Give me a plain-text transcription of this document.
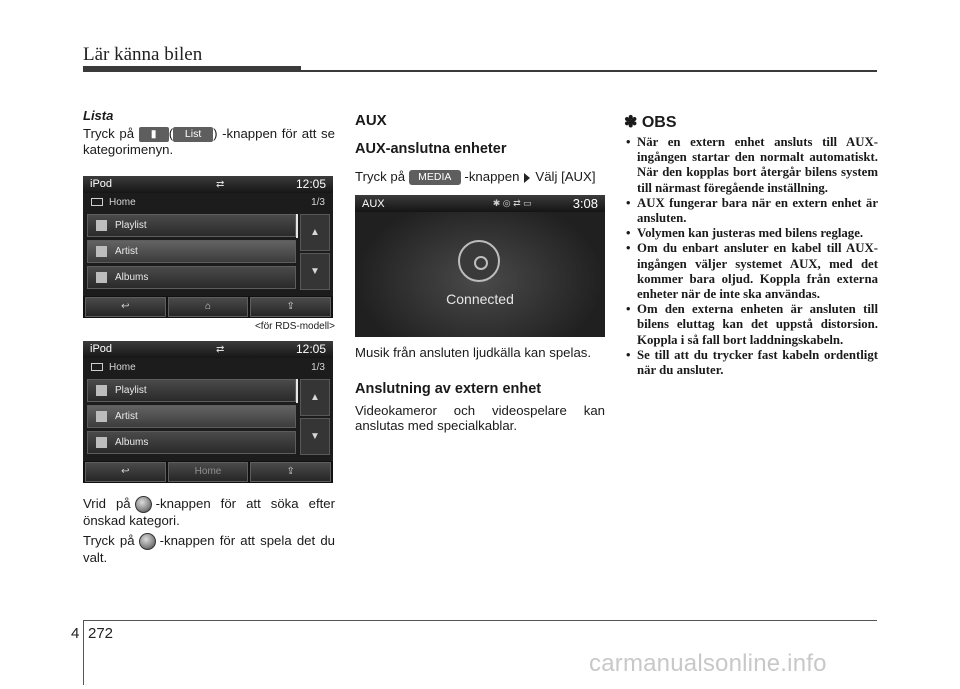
Lär känna bilen
Lista
Tryck på ▮ ( List ) -knappen för att se kategorimenyn.
iPod	⇄	12:05
Home	1/3
Playlist
Artist
Albums
▲
▼
↩	⌂	⇪
<för RDS-modell>
iPod	⇄	12:05
Home	1/3
Playlist
Artist
Albums
▲
▼
↩	Home	⇪
Vrid på -knappen för att söka efter önskad kategori.
Tryck på -knappen för att spela det du valt.
AUX
AUX-anslutna enheter
Tryck på MEDIA -knappen Välj [AUX]
AUX	✱ ◎ ⇄ ▭	3:08
Connected
Musik från ansluten ljudkälla kan spelas.
Anslutning av extern enhet
Videokameror och videospelare kan anslutas med specialkablar.
✽ OBS
• När en extern enhet ansluts till AUX-ingången startar den normalt automatiskt. När den kopplas bort återgår bilens system till närmast föregående inställning.
• AUX fungerar bara när en extern enhet är ansluten.
• Volymen kan justeras med bilens reglage.
• Om du enbart ansluter en kabel till AUX-ingången väljer systemet AUX, med det kommer bara oljud. Koppla från externa enheter när de inte ska användas.
• Om den externa enheten är ansluten till bilens eluttag kan det uppstå distorsion. Koppla i så fall bort laddningskabeln.
• Se till att du trycker fast kabeln ordentligt när du ansluter.
4 272
carmanualsonline.info
